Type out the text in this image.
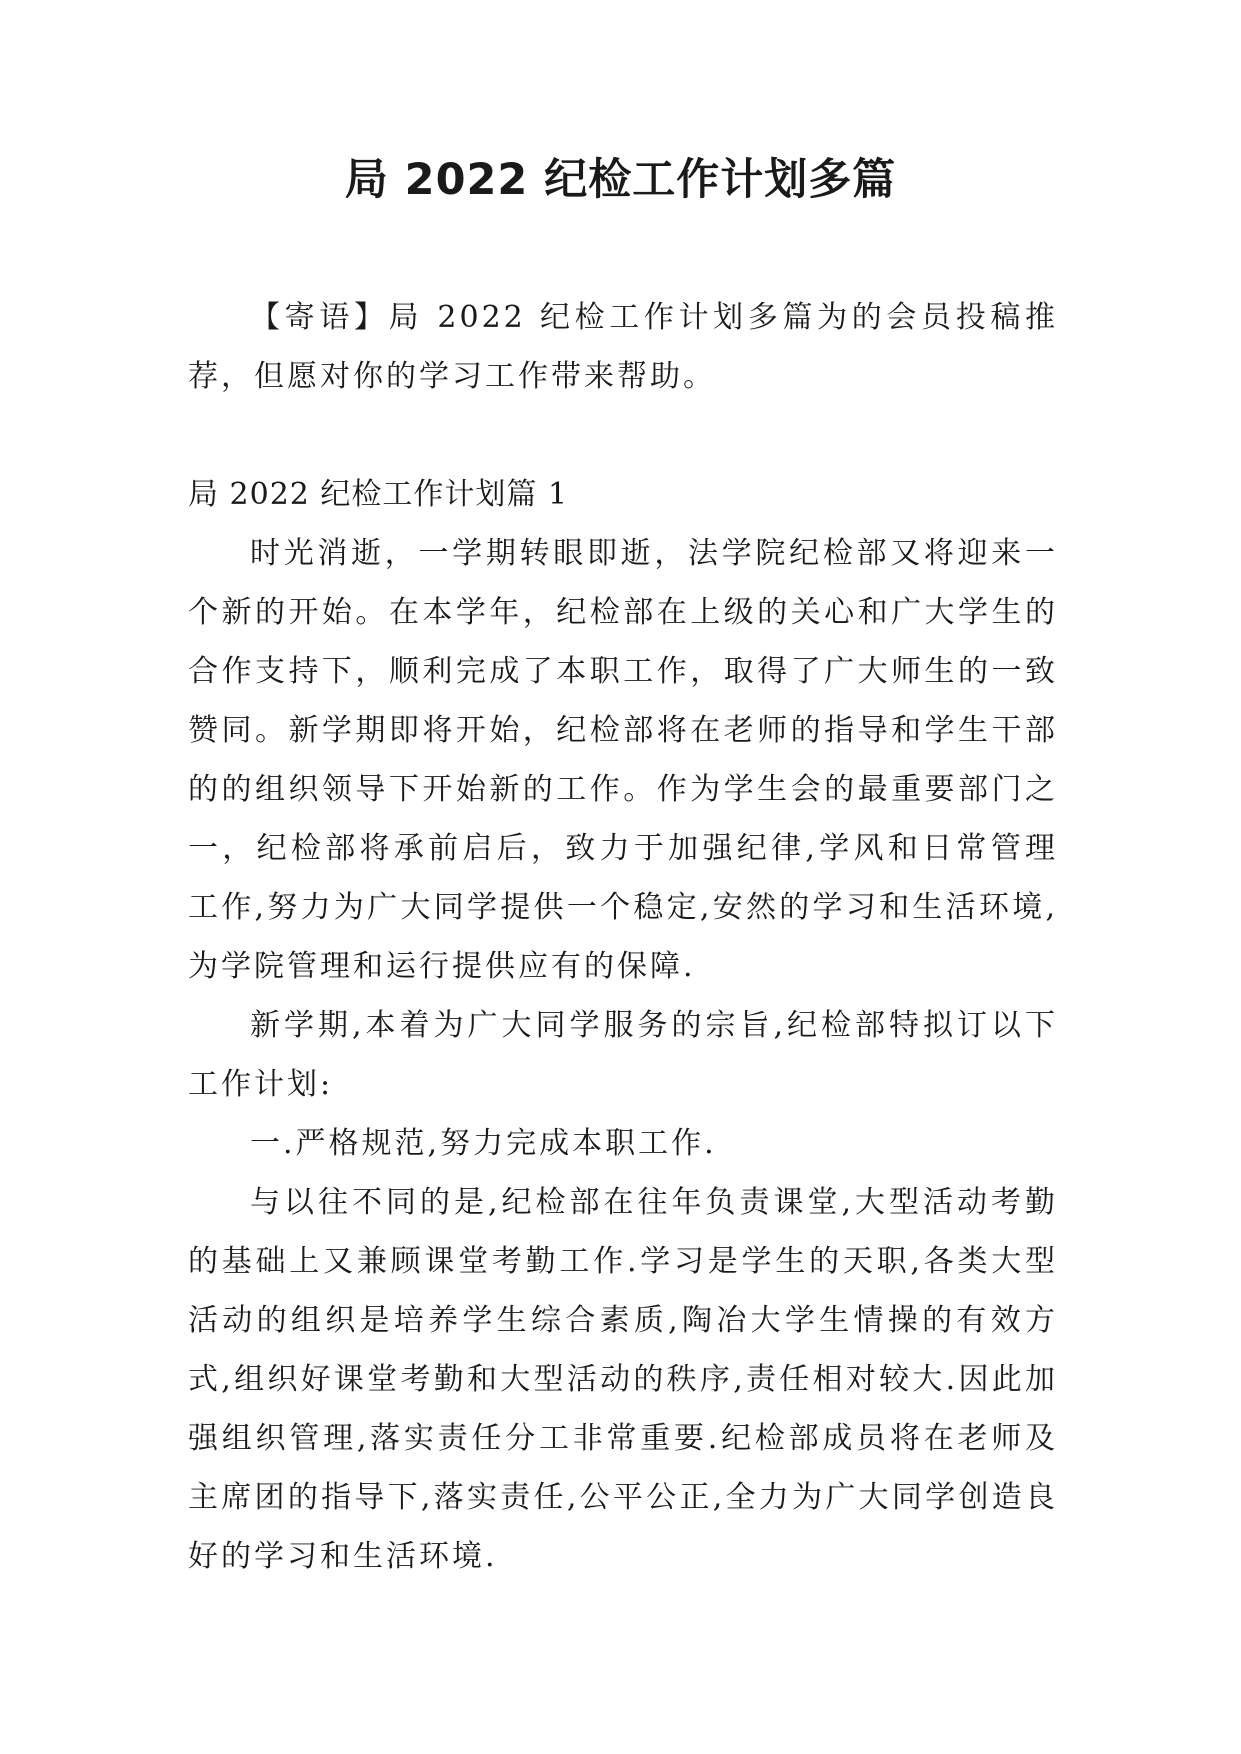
局 2022 纪检工作计划多篇

【寄语】局 2022 纪检工作计划多篇为的会员投稿推荐，但愿对你的学习工作带来帮助。

局 2022 纪检工作计划篇 1

时光消逝，一学期转眼即逝，法学院纪检部又将迎来一个新的开始。在本学年，纪检部在上级的关心和广大学生的合作支持下，顺利完成了本职工作，取得了广大师生的一致赞同。新学期即将开始，纪检部将在老师的指导和学生干部的的组织领导下开始新的工作。作为学生会的最重要部门之一，纪检部将承前启后，致力于加强纪律,学风和日常管理工作,努力为广大同学提供一个稳定,安然的学习和生活环境,为学院管理和运行提供应有的保障.

新学期,本着为广大同学服务的宗旨,纪检部特拟订以下工作计划:

一.严格规范,努力完成本职工作.

与以往不同的是,纪检部在往年负责课堂,大型活动考勤的基础上又兼顾课堂考勤工作.学习是学生的天职,各类大型活动的组织是培养学生综合素质,陶冶大学生情操的有效方式,组织好课堂考勤和大型活动的秩序,责任相对较大.因此加强组织管理,落实责任分工非常重要.纪检部成员将在老师及主席团的指导下,落实责任,公平公正,全力为广大同学创造良好的学习和生活环境.
